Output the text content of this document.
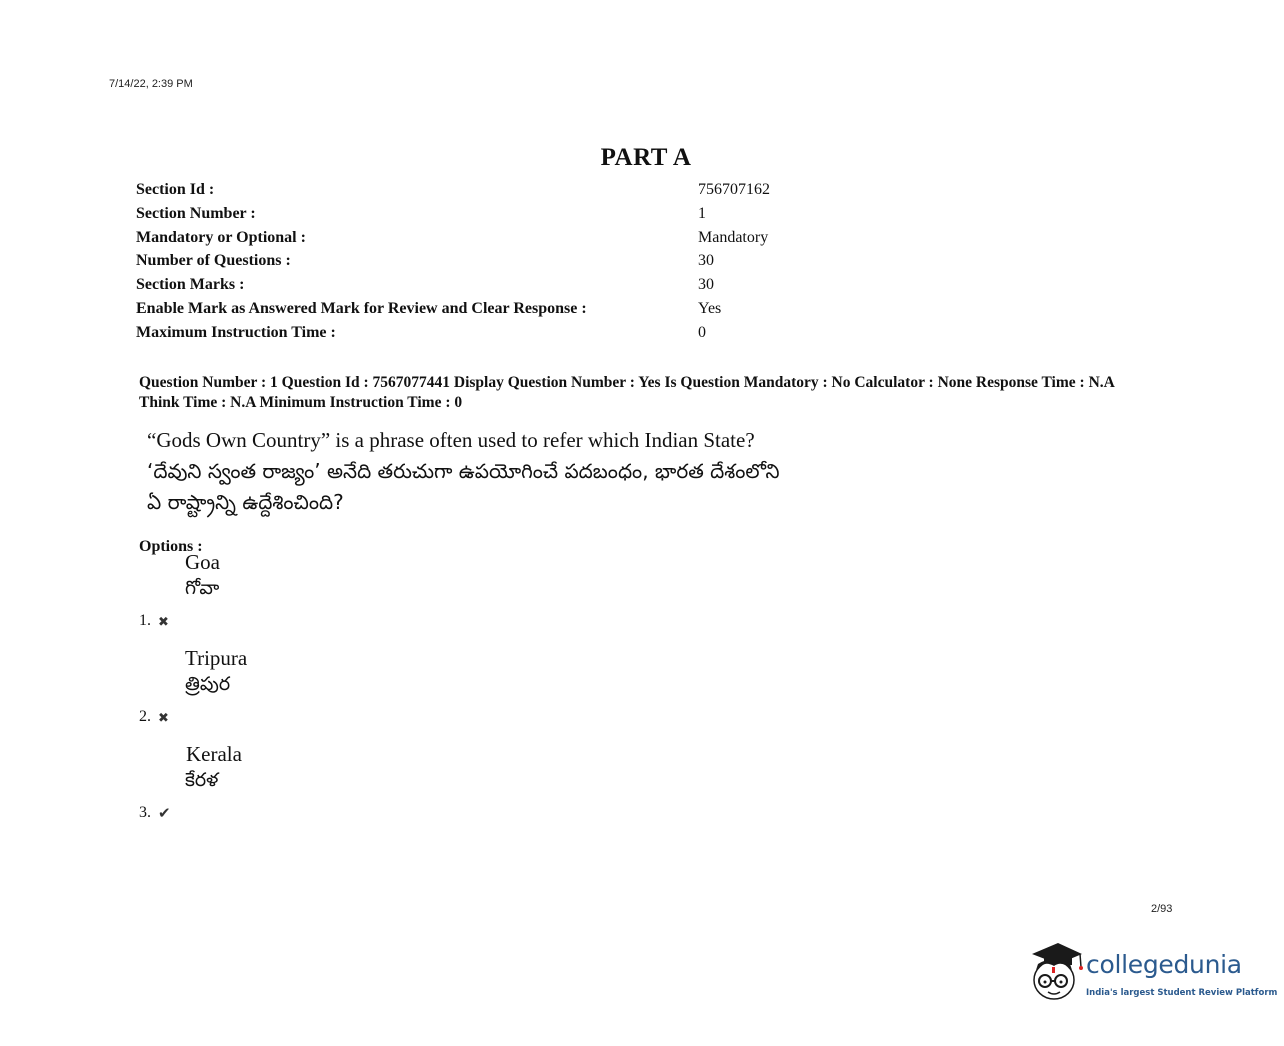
7/14/22, 2:39 PM
PART A
Section Id :	756707162
Section Number :	1
Mandatory or Optional :	Mandatory
Number of Questions :	30
Section Marks :	30
Enable Mark as Answered Mark for Review and Clear Response :	Yes
Maximum Instruction Time :	0
Question Number : 1 Question Id : 7567077441 Display Question Number : Yes Is Question Mandatory : No Calculator : None Response Time : N.A Think Time : N.A Minimum Instruction Time : 0
“Gods Own Country” is a phrase often used to refer which Indian State?
‘దేవుని స్వంత రాజ్యం’ అనేది తరుచుగా ఉపయోగించే పదబంధం, భారత దేశంలోని
ఏ రాష్ట్రాన్ని ఉద్దేశించింది?
Options :
Goa
గోవా
1. ✖
Tripura
త్రిపుర
2. ✖
Kerala
కేరళ
3. ✔
2/93
collegedunia
India's largest Student Review Platform
